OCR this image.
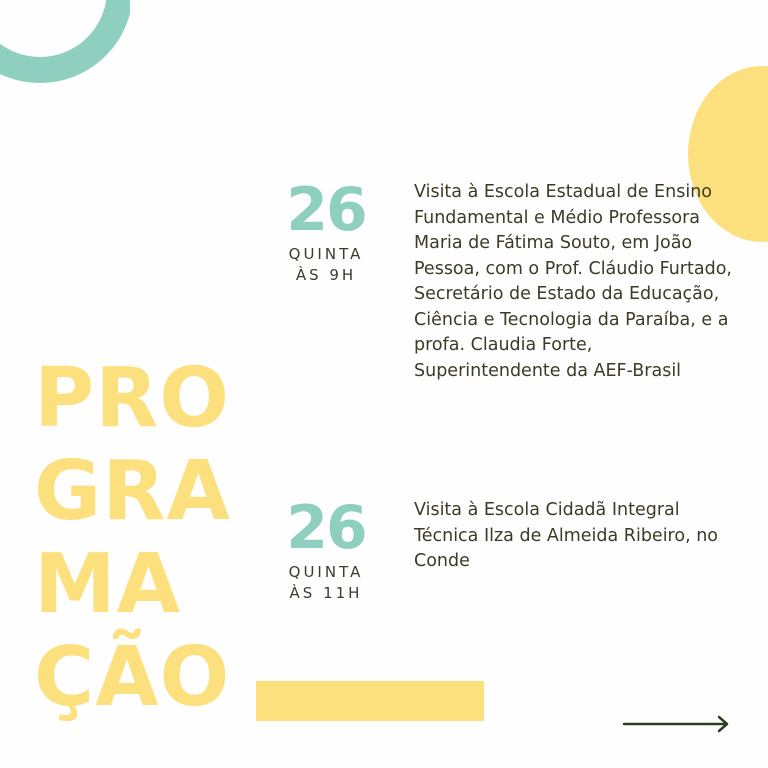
PRO
GRA
MA
ÇÃO
26
QUINTA
ÀS 9H
Visita à Escola Estadual de Ensino Fundamental e Médio Professora Maria de Fátima Souto, em João Pessoa, com o Prof. Cláudio Furtado, Secretário de Estado da Educação, Ciência e Tecnologia da Paraíba, e a profa. Claudia Forte, Superintendente da AEF-Brasil
26
QUINTA
ÀS 11H
Visita à Escola Cidadã Integral Técnica Ilza de Almeida Ribeiro, no Conde
